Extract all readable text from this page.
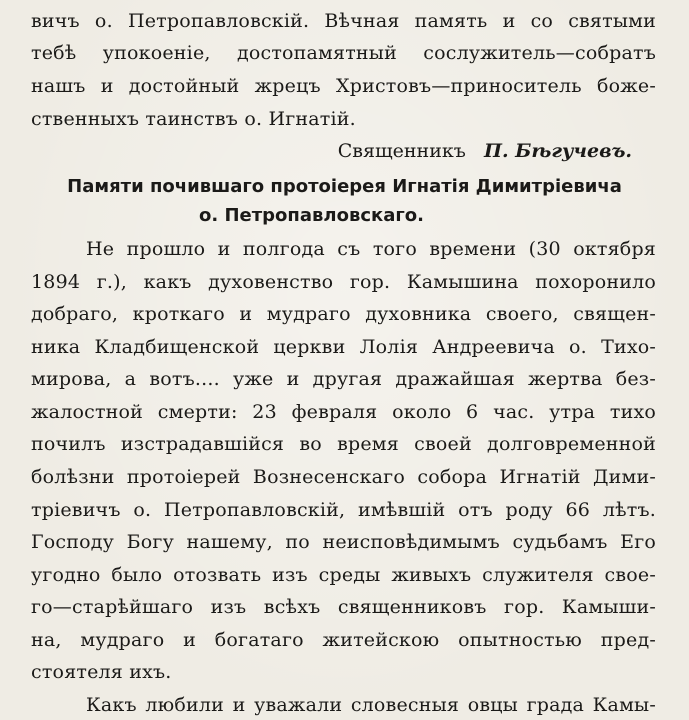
вичъ о. Петропавловскій. Вѣчная память и со святыми
тебѣ упокоеніе, достопамятный сослужитель—собратъ
нашъ и достойный жрецъ Христовъ—приноситель боже-
ственныхъ таинствъ о. Игнатій.
Священникъ П. Бѣгучевъ.
Памяти почившаго протоіерея Игнатія Димитріевича
о. Петропавловскаго.
Не прошло и полгода съ того времени (30 октября
1894 г.), какъ духовенство гор. Камышина похоронило
добраго, кроткаго и мудраго духовника своего, священ-
ника Кладбищенской церкви Лолія Андреевича о. Тихо-
мирова, а вотъ.... уже и другая дражайшая жертва без-
жалостной смерти: 23 февраля около 6 час. утра тихо
почилъ изстрадавшійся во время своей долговременной
болѣзни протоіерей Вознесенскаго собора Игнатій Дими-
тріевичъ о. Петропавловскій, имѣвшій отъ роду 66 лѣтъ.
Господу Богу нашему, по неисповѣдимымъ судьбамъ Его
угодно было отозвать изъ среды живыхъ служителя свое-
го—старѣйшаго изъ всѣхъ священниковъ гор. Камыши-
на, мудраго и богатаго житейскою опытностью пред-
стоятеля ихъ.
Какъ любили и уважали словесныя овцы града Камы-
